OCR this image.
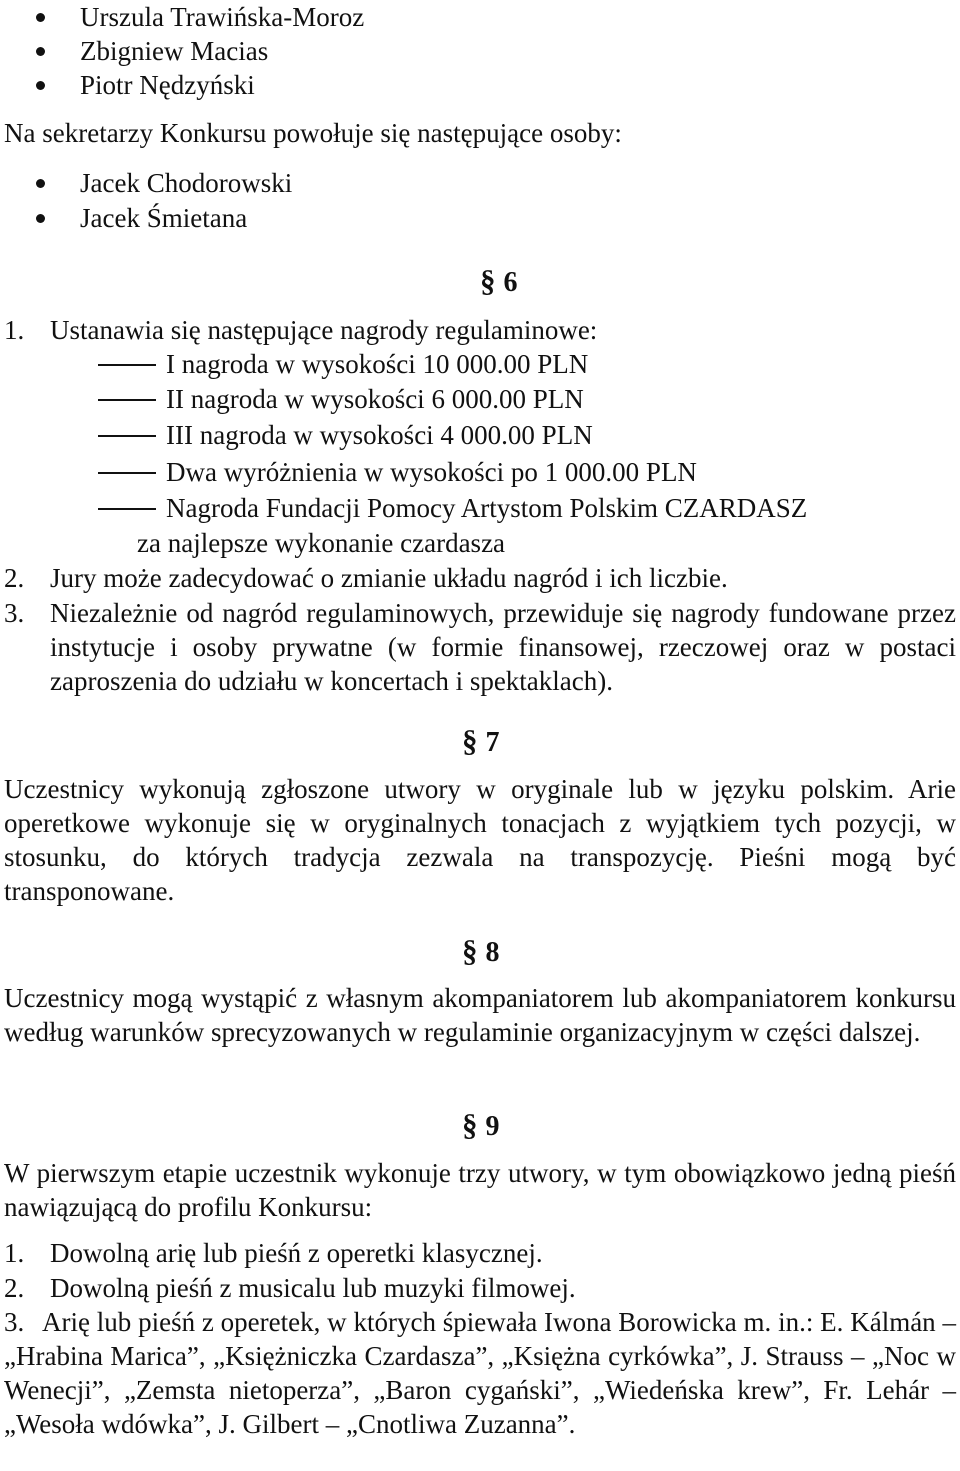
Urszula Trawińska-Moroz
Zbigniew Macias
Piotr Nędzyński
Na sekretarzy Konkursu powołuje się następujące osoby:
Jacek Chodorowski
Jacek Śmietana
§ 6
1. Ustanawia się następujące nagrody regulaminowe:
I nagroda w wysokości 10 000.00 PLN
II nagroda w wysokości 6 000.00 PLN
III nagroda w wysokości 4 000.00 PLN
Dwa wyróżnienia w wysokości po 1 000.00 PLN
Nagroda Fundacji Pomocy Artystom Polskim CZARDASZ
za najlepsze wykonanie czardasza
2. Jury może zadecydować o zmianie układu nagród i ich liczbie.
3. Niezależnie od nagród regulaminowych, przewiduje się nagrody fundowane przez instytucje i osoby prywatne (w formie finansowej, rzeczowej oraz w postaci zaproszenia do udziału w koncertach i spektaklach).
§ 7
Uczestnicy wykonują zgłoszone utwory w oryginale lub w języku polskim. Arie operetkowe wykonuje się w oryginalnych tonacjach z wyjątkiem tych pozycji, w stosunku, do których tradycja zezwala na transpozycję. Pieśni mogą być transponowane.
§ 8
Uczestnicy mogą wystąpić z własnym akompaniatorem lub akompaniatorem konkursu według warunków sprecyzowanych w regulaminie organizacyjnym w części dalszej.
§ 9
W pierwszym etapie uczestnik wykonuje trzy utwory, w tym obowiązkowo jedną pieśń nawiązującą do profilu Konkursu:
1. Dowolną arię lub pieśń z operetki klasycznej.
2. Dowolną pieśń z musicalu lub muzyki filmowej.
3. Arię lub pieśń z operetek, w których śpiewała Iwona Borowicka m. in.: E. Kálmán – „Hrabina Marica”, „Księżniczka Czardasza”, „Księżna cyrkówka”, J. Strauss – „Noc w Wenecji”, „Zemsta nietoperza”, „Baron cygański”, „Wiedeńska krew”, Fr. Lehár – „Wesoła wdówka”, J. Gilbert – „Cnotliwa Zuzanna”.
